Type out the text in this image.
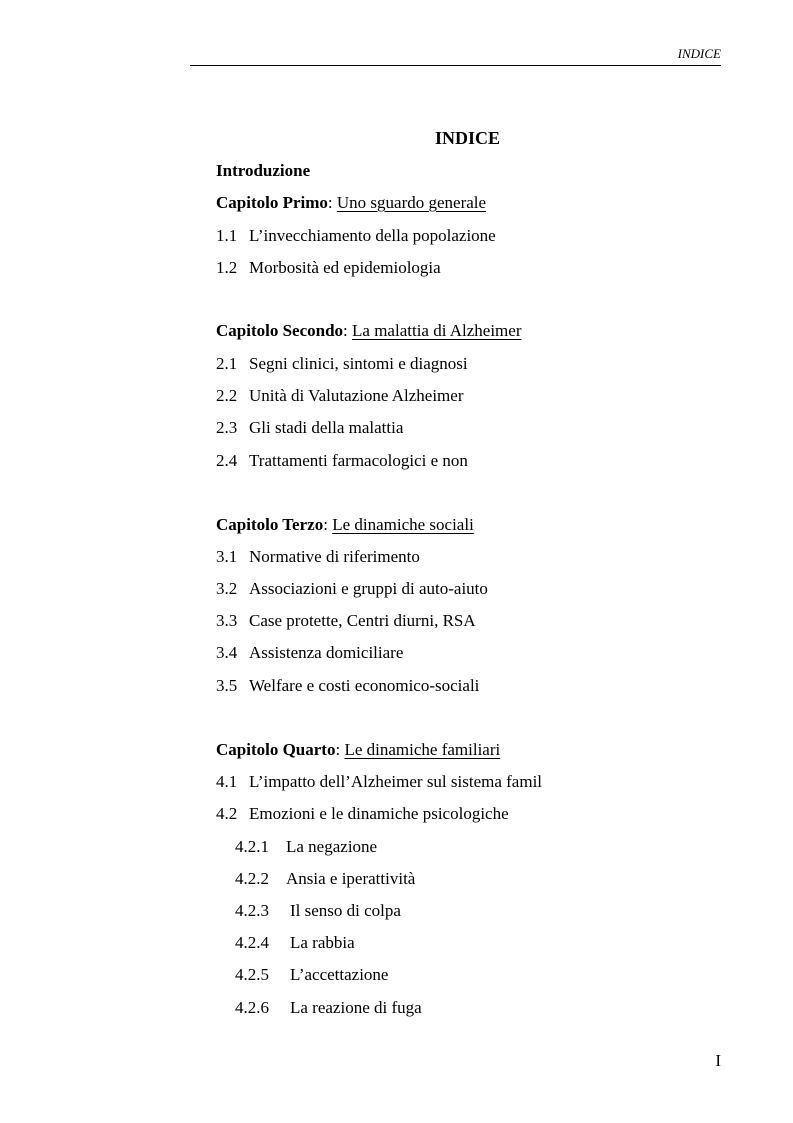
INDICE
INDICE
Introduzione
Capitolo Primo: Uno sguardo generale
1.1 L’invecchiamento della popolazione
1.2 Morbosità ed epidemiologia
Capitolo Secondo: La malattia di Alzheimer
2.1 Segni clinici, sintomi e diagnosi
2.2 Unità di Valutazione Alzheimer
2.3 Gli stadi della malattia
2.4 Trattamenti farmacologici e non
Capitolo Terzo: Le dinamiche sociali
3.1 Normative di riferimento
3.2 Associazioni e gruppi di auto-aiuto
3.3 Case protette, Centri diurni, RSA
3.4 Assistenza domiciliare
3.5 Welfare e costi economico-sociali
Capitolo Quarto: Le dinamiche familiari
4.1 L’impatto dell’Alzheimer sul sistema famil
4.2 Emozioni e le dinamiche psicologiche
4.2.1 La negazione
4.2.2 Ansia e iperattività
4.2.3 Il senso di colpa
4.2.4 La rabbia
4.2.5 L’accettazione
4.2.6 La reazione di fuga
I
